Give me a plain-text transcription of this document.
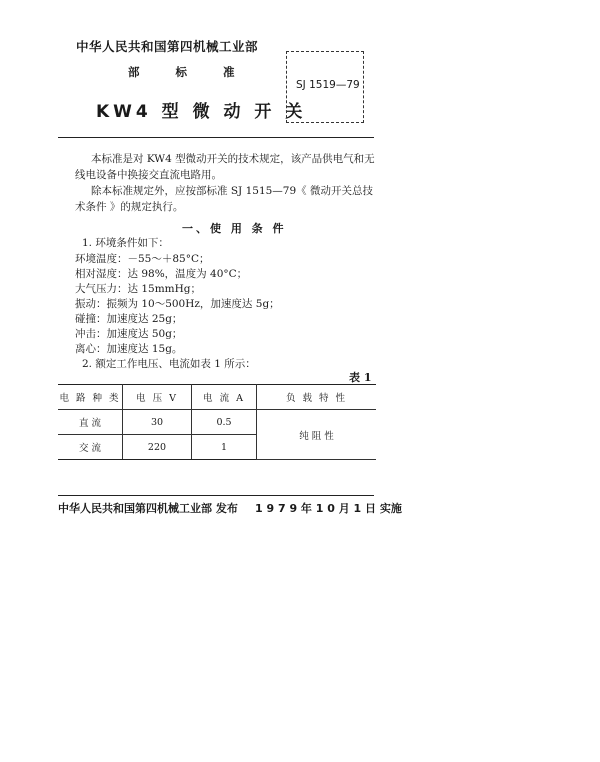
中华人民共和国第四机械工业部
部 标 准
KW4 型 微 动 开 关
SJ 1519—79
本标准是对 KW4 型微动开关的技术规定，该产品供电气和无线电设备中换接交直流电路用。
除本标准规定外，应按部标准 SJ 1515—79《 微动开关总技术条件 》的规定执行。
一、使 用 条 件
1. 环境条件如下：
环境温度：－55～＋85°C；
相对湿度：达 98%，温度为 40°C；
大气压力：达 15mmHg；
振动：振频为 10～500Hz，加速度达 5g；
碰撞：加速度达 25g；
冲击：加速度达 50g；
离心：加速度达 15g。
2. 额定工作电压、电流如表 1 所示：
表 1
电 路 种 类	电 压 V	电 流 A	负 载 特 性
直 流	30	0.5	纯 阻 性
交 流	220	1	
中华人民共和国第四机械工业部 发布 1 9 7 9 年 1 0 月 1 日 实施
